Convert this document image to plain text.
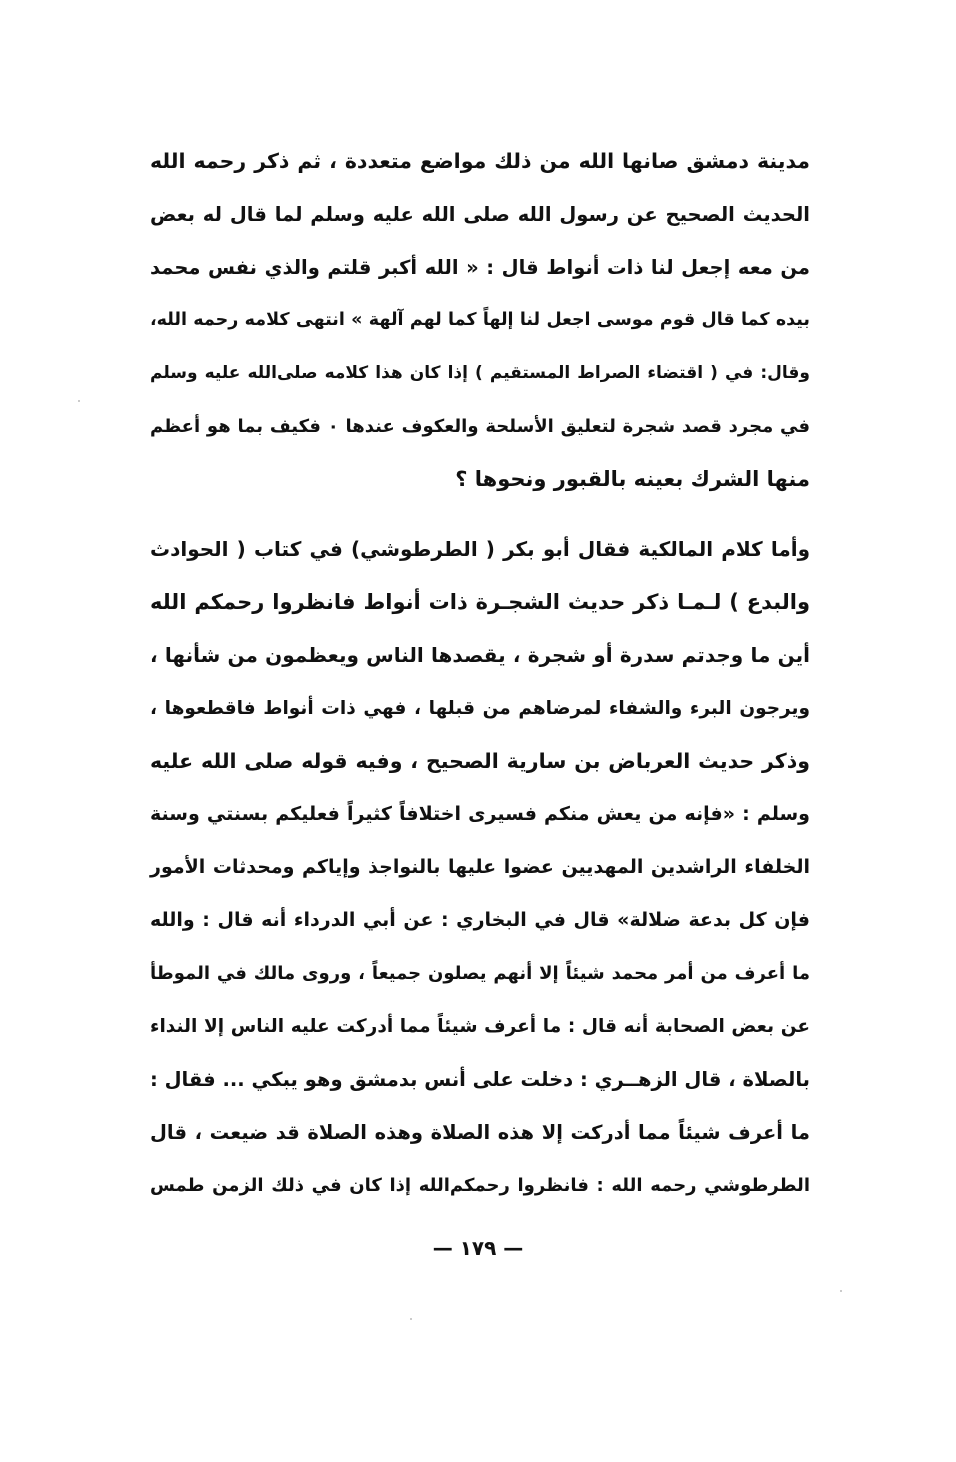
مدينة دمشق صانها الله من ذلك مواضع متعددة ، ثم ذكر رحمه الله
الحديث الصحيح عن رسول الله صلى الله عليه وسلم لما قال له بعض
من معه إجعل لنا ذات أنواط قال : « الله أكبر قلتم والذي نفس محمد
بيده كما قال قوم موسى اجعل لنا إلهاً كما لهم آلهة » انتهى كلامه رحمه الله،
وقال: في ( اقتضاء الصراط المستقيم ) إذا كان هذا كلامه صلى‌الله عليه وسلم
في مجرد قصد شجرة لتعليق الأسلحة والعكوف عندها ٠ فكيف بما هو أعظم
منها الشرك بعينه بالقبور ونحوها ؟
وأما كلام المالكية فقال أبو بكر ( الطرطوشي) في كتاب ( الحوادث
والبدع ) لـمـا ذكر حديث الشجـرة ذات أنواط فانظروا رحمكم الله
أين ما وجدتم سدرة أو شجرة ، يقصدها الناس ويعظمون من شأنها ،
ويرجون البرء والشفاء لمرضاهم من قبلها ، فهي ذات أنواط فاقطعوها ،
وذكر حديث العرباض بن سارية الصحيح ، وفيه قوله صلى الله عليه
وسلم : «فإنه من يعش منكم فسيرى اختلافاً كثيراً فعليكم بسنتي وسنة
الخلفاء الراشدين المهديين عضوا عليها بالنواجذ وإياكم ومحدثات الأمور
فإن كل بدعة ضلالة» قال في البخاري : عن أبي الدرداء أنه قال : والله
ما أعرف من أمر محمد شيئاً إلا أنهم يصلون جميعاً ، وروى مالك في الموطأ
عن بعض الصحابة أنه قال : ما أعرف شيئاً مما أدركت عليه الناس إلا النداء
بالصلاة ، قال الزهــري : دخلت على أنس بدمشق وهو يبكي ... فقال :
ما أعرف شيئاً مما أدركت إلا هذه الصلاة وهذه الصلاة قد ضيعت ، قال
الطرطوشي رحمه الله : فانظروا رحمكم‌الله إذا كان في ذلك الزمن طمس
— ١٧٩ —
